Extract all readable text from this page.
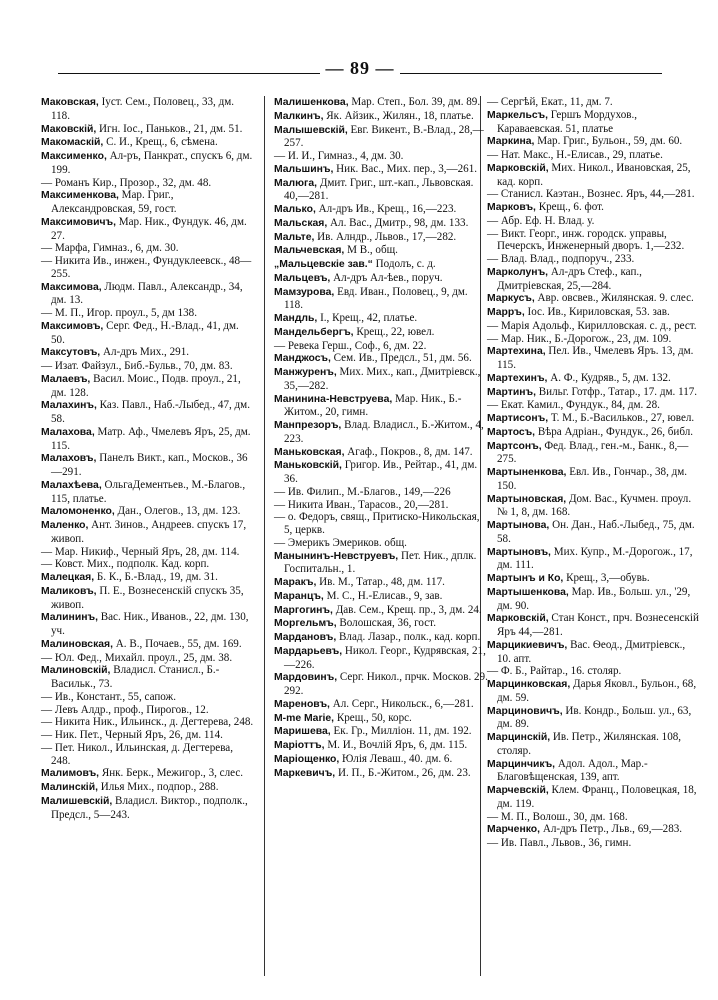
— 89 —

Маковская, Іуст. Сем., Половец., 33, дм. 118.

Маковскій, Игн. Іос., Паньков., 21, дм. 51.

Макомаскій, С. И., Крещ., 6, сѣмена.

Максименко, Ал-ръ, Панкрат., спускъ 6, дм. 199.

— Романъ Кир., Прозор., 32, дм. 48.

Максименкова, Мар. Григ., Александровская, 59, гост.

Максимовичъ, Мар. Ник., Фундук. 46, дм. 27.

— Марфа, Гимназ., 6, дм. 30.

— Никита Ив., инжен., Фундуклеевск., 48—255.

Максимова, Людм. Павл., Александр., 34, дм. 13.

— М. П., Игор. проул., 5, дм 138.

Максимовъ, Серг. Фед., Н.-Влад., 41, дм. 50.

Максутовъ, Ал-дръ Мих., 291.

— Изат. Файзул., Биб.-Бульв., 70, дм. 83.

Малаевъ, Васил. Моис., Подв. проул., 21, дм. 128.

Малахинъ, Каз. Павл., Наб.-Лыбед., 47, дм. 58.

Малахова, Матр. Аф., Чмелевъ Яръ, 25, дм. 115.

Малаховъ, Панелъ Викт., кап., Москов., 36—291.

Малахѣева, ОльгаДементьев., М.-Благов., 115, платье.

Маломоненко, Дан., Олегов., 13, дм. 123.

Маленко, Ант. Зинов., Андреев. спускъ 17, живоп.

— Мар. Никиф., Черный Яръ, 28, дм. 114.

— Ковст. Мих., подполк. Кад. корп.

Малецкая, Б. К., Б.-Влад., 19, дм. 31.

Маликовъ, П. Е., Вознесенскій спускъ 35, живоп.

Малининъ, Вас. Ник., Иванов., 22, дм. 130, уч.

Малиновская, А. В., Почаев., 55, дм. 169.

— Юл. Фед., Михайл. проул., 25, дм. 38.

Малиновскій, Владисл. Станисл., Б.-Васильк., 73.

— Ив., Констант., 55, сапож.

— Левъ Алдр., проф., Пирогов., 12.

— Никита Ник., Ильинск., д. Дегтерева, 248.

— Ник. Пет., Черный Яръ, 26, дм. 114.

— Пет. Никол., Ильинская, д. Дегтерева, 248.

Малимовъ, Янк. Берк., Межигор., 3, слес.

Малинскій, Илья Мих., подпор., 288.

Малишевскій, Владисл. Виктор., подполк., Предсл., 5—243.

Малишенкова, Мар. Степ., Бол. 39, дм. 89.

Малкинъ, Як. Айзик., Жилян., 18, платье.

Малышевскій, Евг. Викент., В.-Влад., 28,—257.

— И. И., Гимназ., 4, дм. 30.

Мальшинъ, Ник. Вас., Мих. пер., 3,—261.

Малюга, Дмит. Григ., шт.-кап., Львовская. 40,—281.

Малько, Ал-дръ Ив., Крещ., 16,—223.

Мальская, Ал. Вас., Дмитр., 98, дм. 133.

Мальте, Ив. Алндр., Львов., 17,—282.

Мальчевская, М В., общ.

„Мальцевскіе зав.“ Подолъ, с. д.

Мальцевъ, Ал-дръ Ал-ѣев., поруч.

Мамзурова, Евд. Иван., Половец., 9, дм. 118.

Мандль, І., Крещ., 42, платье.

Мандельбергъ, Крещ., 22, ювел.

— Ревека Герш., Соф., 6, дм. 22.

Манджосъ, Сем. Ив., Предсл., 51, дм. 56.

Манжуренъ, Мих. Мих., кап., Дмитріевск., 35,—282.

Манинина-Невструева, Мар. Ник., Б.-Житом., 20, гимн.

Манпрезоръ, Влад. Владисл., Б.-Житом., 4, 223.

Маньковская, Агаф., Покров., 8, дм. 147.

Маньковскій, Григор. Ив., Рейтар., 41, дм. 36.

— Ив. Филип., М.-Благов., 149,—226

— Никита Иван., Тарасов., 20,—281.

— о. Федоръ, свящ., Притиско-Никольская, 5, церкв.

— Эмерикъ Эмериков. общ.

Манынинъ-Невструевъ, Пет. Ник., дплк. Госпитальн., 1.

Маракъ, Ив. М., Татар., 48, дм. 117.

Маранцъ, М. С., Н.-Елисав., 9, зав.

Маргогинъ, Дав. Сем., Крещ. пр., 3, дм. 24.

Моргельмъ, Волошская, 36, гост.

Мардановъ, Влад. Лазар., полк., кад. корп.

Мардарьевъ, Никол. Георг., Кудрявская, 21,—226.

Мардовинъ, Серг. Никол., прчк. Москов. 29. 292.

Мареновъ, Ал. Серг., Никольск., 6,—281.

М-me Marie, Крещ., 50, корс.

Маришева, Ек. Гр., Милліон. 11, дм. 192.

Маріоттъ, М. И., Вочлій Яръ, 6, дм. 115.

Маріощенко, Юлія Леваш., 40. дм. 6.

Маркевичъ, И. П., Б.-Житом., 26, дм. 23.

— Сергѣй, Екат., 11, дм. 7.

Маркельсъ, Гершъ Мордухов., Караваевская. 51, платье

Маркина, Мар. Григ., Бульон., 59, дм. 60.

— Нат. Макс., Н.-Елисав., 29, платье.

Марковскій, Мих. Никол., Ивановская, 25, кад. корп.

— Станисл. Каэтан., Вознес. Яръ, 44,—281.

Марковъ, Крещ., 6. фот.

— Абр. Еф. Н. Влад. у.

— Викт. Георг., инж. городск. управы, Печерскъ, Инженерный дворъ. 1,—232.

— Влад. Влад., подпоруч., 233.

Марколунъ, Ал-дръ Стеф., кап., Дмитріевская, 25,—284.

Маркусъ, Авр. овсвев., Жилянская. 9. слес.

Марръ, Іос. Ив., Кириловская, 53. зав.

— Марія Адольф., Кирилловская. с. д., рест.

— Мар. Ник., Б.-Дорогож., 23, дм. 109.

Мартехина, Пел. Ив., Чмелевъ Яръ. 13, дм. 115.

Мартехинъ, А. Ф., Кудряв., 5, дм. 132.

Мартинъ, Вильг. Готфр., Татар., 17. дм. 117.

— Екат. Камил., Фундук., 84, дм. 28.

Мартисонъ, Т. М., Б.-Васильков., 27, ювел.

Мартосъ, Вѣра Адріан., Фундук., 26, библ.

Мартсонъ, Фед. Влад., ген.-м., Банк., 8,—275.

Мартыненкова, Евл. Ив., Гончар., 38, дм. 150.

Мартыновская, Дом. Вас., Кучмен. проул. № 1, 8, дм. 168.

Мартынова, Он. Дан., Наб.-Лыбед., 75, дм. 58.

Мартыновъ, Мих. Купр., М.-Дорогож., 17, дм. 111.

Мартынъ и Ко, Крещ., 3,—обувь.

Мартышенкова, Мар. Ив., Больш. ул., '29, дм. 90.

Марковскій, Стан Конст., прч. Вознесенскій Яръ 44,—281.

Марцикиевичъ, Вас. Ѳеод., Дмитріевск., 10. апт.

— Ф. Б., Райтар., 16. столяр.

Марцинковская, Дарья Яковл., Бульон., 68, дм. 59.

Марциновичъ, Ив. Кондр., Больш. ул., 63, дм. 89.

Марцинскій, Ив. Петр., Жилянская. 108, столяр.

Марцинчикъ, Адол. Адол., Мар.-Благовѣщенская, 139, апт.

Марчевскій, Клем. Франц., Половецкая, 18, дм. 119.

— М. П., Волош., 30, дм. 168.

Марченко, Ал-дръ Петр., Льв., 69,—283.

— Ив. Павл., Львов., 36, гимн.
